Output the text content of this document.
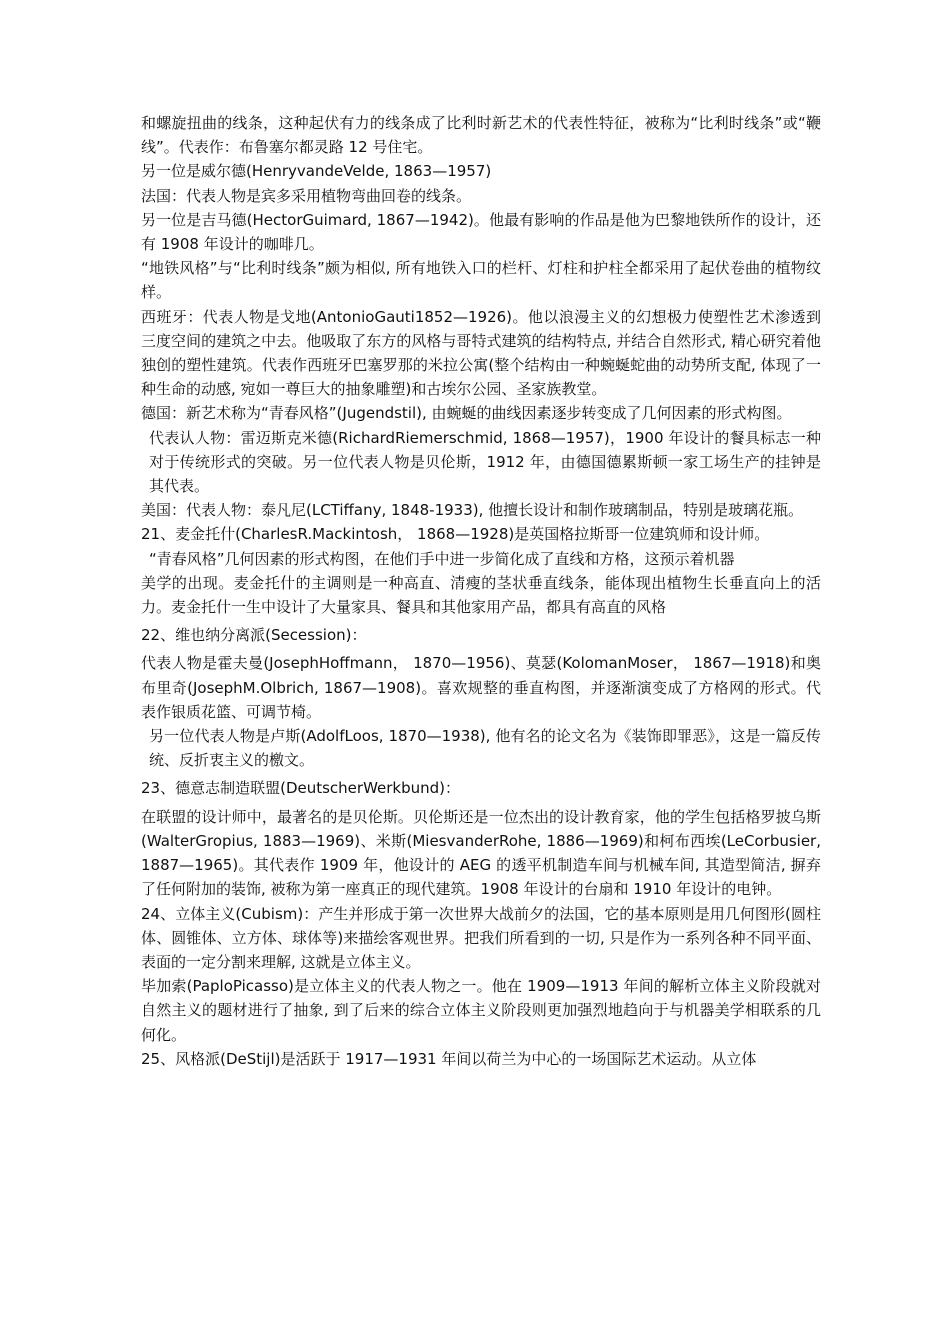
和螺旋扭曲的线条，这种起伏有力的线条成了比利时新艺术的代表性特征，被称为“比利时线条”或“鞭线”。代表作：布鲁塞尔都灵路 12 号住宅。

另一位是威尔德(HenryvandeVelde, 1863—1957)

法国：代表人物是宾多采用植物弯曲回卷的线条。

另一位是吉马德(HectorGuimard, 1867—1942)。他最有影响的作品是他为巴黎地铁所作的设计，还有 1908 年设计的咖啡几。

“地铁风格”与“比利时线条”颇为相似, 所有地铁入口的栏杆、灯柱和护柱全都采用了起伏卷曲的植物纹样。

西班牙：代表人物是戈地(AntonioGauti1852—1926)。他以浪漫主义的幻想极力使塑性艺术渗透到三度空间的建筑之中去。他吸取了东方的风格与哥特式建筑的结构特点, 并结合自然形式, 精心研究着他独创的塑性建筑。代表作西班牙巴塞罗那的米拉公寓(整个结构由一种蜿蜒蛇曲的动势所支配, 体现了一种生命的动感, 宛如一尊巨大的抽象雕塑)和古埃尔公园、圣家族教堂。

德国：新艺术称为“青春风格”(Jugendstil), 由蜿蜒的曲线因素逐步转变成了几何因素的形式构图。

代表认人物：雷迈斯克米德(RichardRiemerschmid, 1868—1957)，1900 年设计的餐具标志一种对于传统形式的突破。另一位代表人物是贝伦斯，1912 年，由德国德累斯顿一家工场生产的挂钟是其代表。

美国：代表人物：泰凡尼(LCTiffany, 1848-1933), 他擅长设计和制作玻璃制品，特别是玻璃花瓶。

21、麦金托什(CharlesR.Mackintosh， 1868—1928)是英国格拉斯哥一位建筑师和设计师。

“青春风格”几何因素的形式构图，在他们手中进一步简化成了直线和方格，这预示着机器

美学的出现。麦金托什的主调则是一种高直、清瘦的茎状垂直线条，能体现出植物生长垂直向上的活力。麦金托什一生中设计了大量家具、餐具和其他家用产品，都具有高直的风格

22、维也纳分离派(Secession)：

代表人物是霍夫曼(JosephHoffmann， 1870—1956)、莫瑟(KolomanMoser， 1867—1918)和奥布里奇(JosephM.Olbrich, 1867—1908)。喜欢规整的垂直构图，并逐渐演变成了方格网的形式。代表作银质花篮、可调节椅。

另一位代表人物是卢斯(AdolfLoos, 1870—1938), 他有名的论文名为《装饰即罪恶》，这是一篇反传统、反折衷主义的檄文。

23、德意志制造联盟(DeutscherWerkbund)：

在联盟的设计师中，最著名的是贝伦斯。贝伦斯还是一位杰出的设计教育家，他的学生包括格罗披乌斯(WalterGropius, 1883—1969)、米斯(MiesvanderRohe, 1886—1969)和柯布西埃(LeCorbusier, 1887—1965)。其代表作 1909 年，他设计的 AEG 的透平机制造车间与机械车间, 其造型简洁, 摒弃了任何附加的装饰, 被称为第一座真正的现代建筑。1908 年设计的台扇和 1910 年设计的电钟。

24、立体主义(Cubism)：产生并形成于第一次世界大战前夕的法国，它的基本原则是用几何图形(圆柱体、圆锥体、立方体、球体等)来描绘客观世界。把我们所看到的一切, 只是作为一系列各种不同平面、表面的一定分割来理解, 这就是立体主义。

毕加索(PaploPicasso)是立体主义的代表人物之一。他在 1909—1913 年间的解析立体主义阶段就对自然主义的题材进行了抽象, 到了后来的综合立体主义阶段则更加强烈地趋向于与机器美学相联系的几何化。

25、风格派(DeStijl)是活跃于 1917—1931 年间以荷兰为中心的一场国际艺术运动。从立体
